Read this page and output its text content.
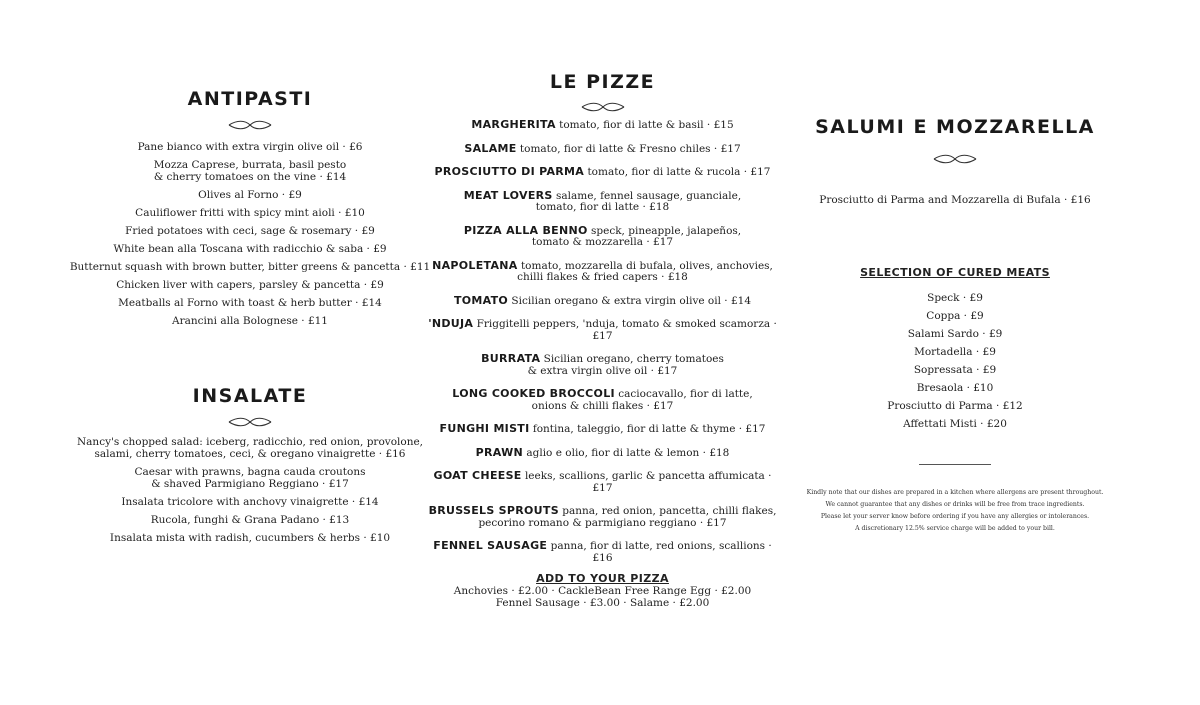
ANTIPASTI

Pane bianco with extra virgin olive oil · £6

Mozza Caprese, burrata, basil pesto
& cherry tomatoes on the vine · £14

Olives al Forno · £9

Cauliflower fritti with spicy mint aioli · £10

Fried potatoes with ceci, sage & rosemary · £9

White bean alla Toscana with radicchio & saba · £9

Butternut squash with brown butter, bitter greens & pancetta · £11

Chicken liver with capers, parsley & pancetta · £9

Meatballs al Forno with toast & herb butter · £14

Arancini alla Bolognese · £11

INSALATE

Nancy's chopped salad: iceberg, radicchio, red onion, provolone,
salami, cherry tomatoes, ceci, & oregano vinaigrette · £16

Caesar with prawns, bagna cauda croutons
& shaved Parmigiano Reggiano · £17

Insalata tricolore with anchovy vinaigrette · £14

Rucola, funghi & Grana Padano · £13

Insalata mista with radish, cucumbers & herbs · £10

LE PIZZE

MARGHERITA tomato, fior di latte & basil · £15

SALAME tomato, fior di latte & Fresno chiles · £17

PROSCIUTTO DI PARMA tomato, fior di latte & rucola · £17

MEAT LOVERS salame, fennel sausage, guanciale,
tomato, fior di latte · £18

PIZZA ALLA BENNO speck, pineapple, jalapeños,
tomato & mozzarella · £17

NAPOLETANA tomato, mozzarella di bufala, olives, anchovies,
chilli flakes & fried capers · £18

TOMATO Sicilian oregano & extra virgin olive oil · £14

'NDUJA Friggitelli peppers, 'nduja, tomato & smoked scamorza · £17

BURRATA Sicilian oregano, cherry tomatoes
& extra virgin olive oil · £17

LONG COOKED BROCCOLI caciocavallo, fior di latte,
onions & chilli flakes · £17

FUNGHI MISTI fontina, taleggio, fior di latte & thyme · £17

PRAWN aglio e olio, fior di latte & lemon · £18

GOAT CHEESE leeks, scallions, garlic & pancetta affumicata · £17

BRUSSELS SPROUTS panna, red onion, pancetta, chilli flakes,
pecorino romano & parmigiano reggiano · £17

FENNEL SAUSAGE panna, fior di latte, red onions, scallions · £16

ADD TO YOUR PIZZA

Anchovies · £2.00 · CackleBean Free Range Egg · £2.00

Fennel Sausage · £3.00 · Salame · £2.00

SALUMI E MOZZARELLA

Prosciutto di Parma and Mozzarella di Bufala · £16

SELECTION OF CURED MEATS

Speck · £9

Coppa · £9

Salami Sardo · £9

Mortadella · £9

Sopressata · £9

Bresaola · £10

Prosciutto di Parma · £12

Affettati Misti · £20

Kindly note that our dishes are prepared in a kitchen where allergens are present throughout.

We cannot guarantee that any dishes or drinks will be free from trace ingredients.

Please let your server know before ordering if you have any allergies or intolerances.

A discretionary 12.5% service charge will be added to your bill.
